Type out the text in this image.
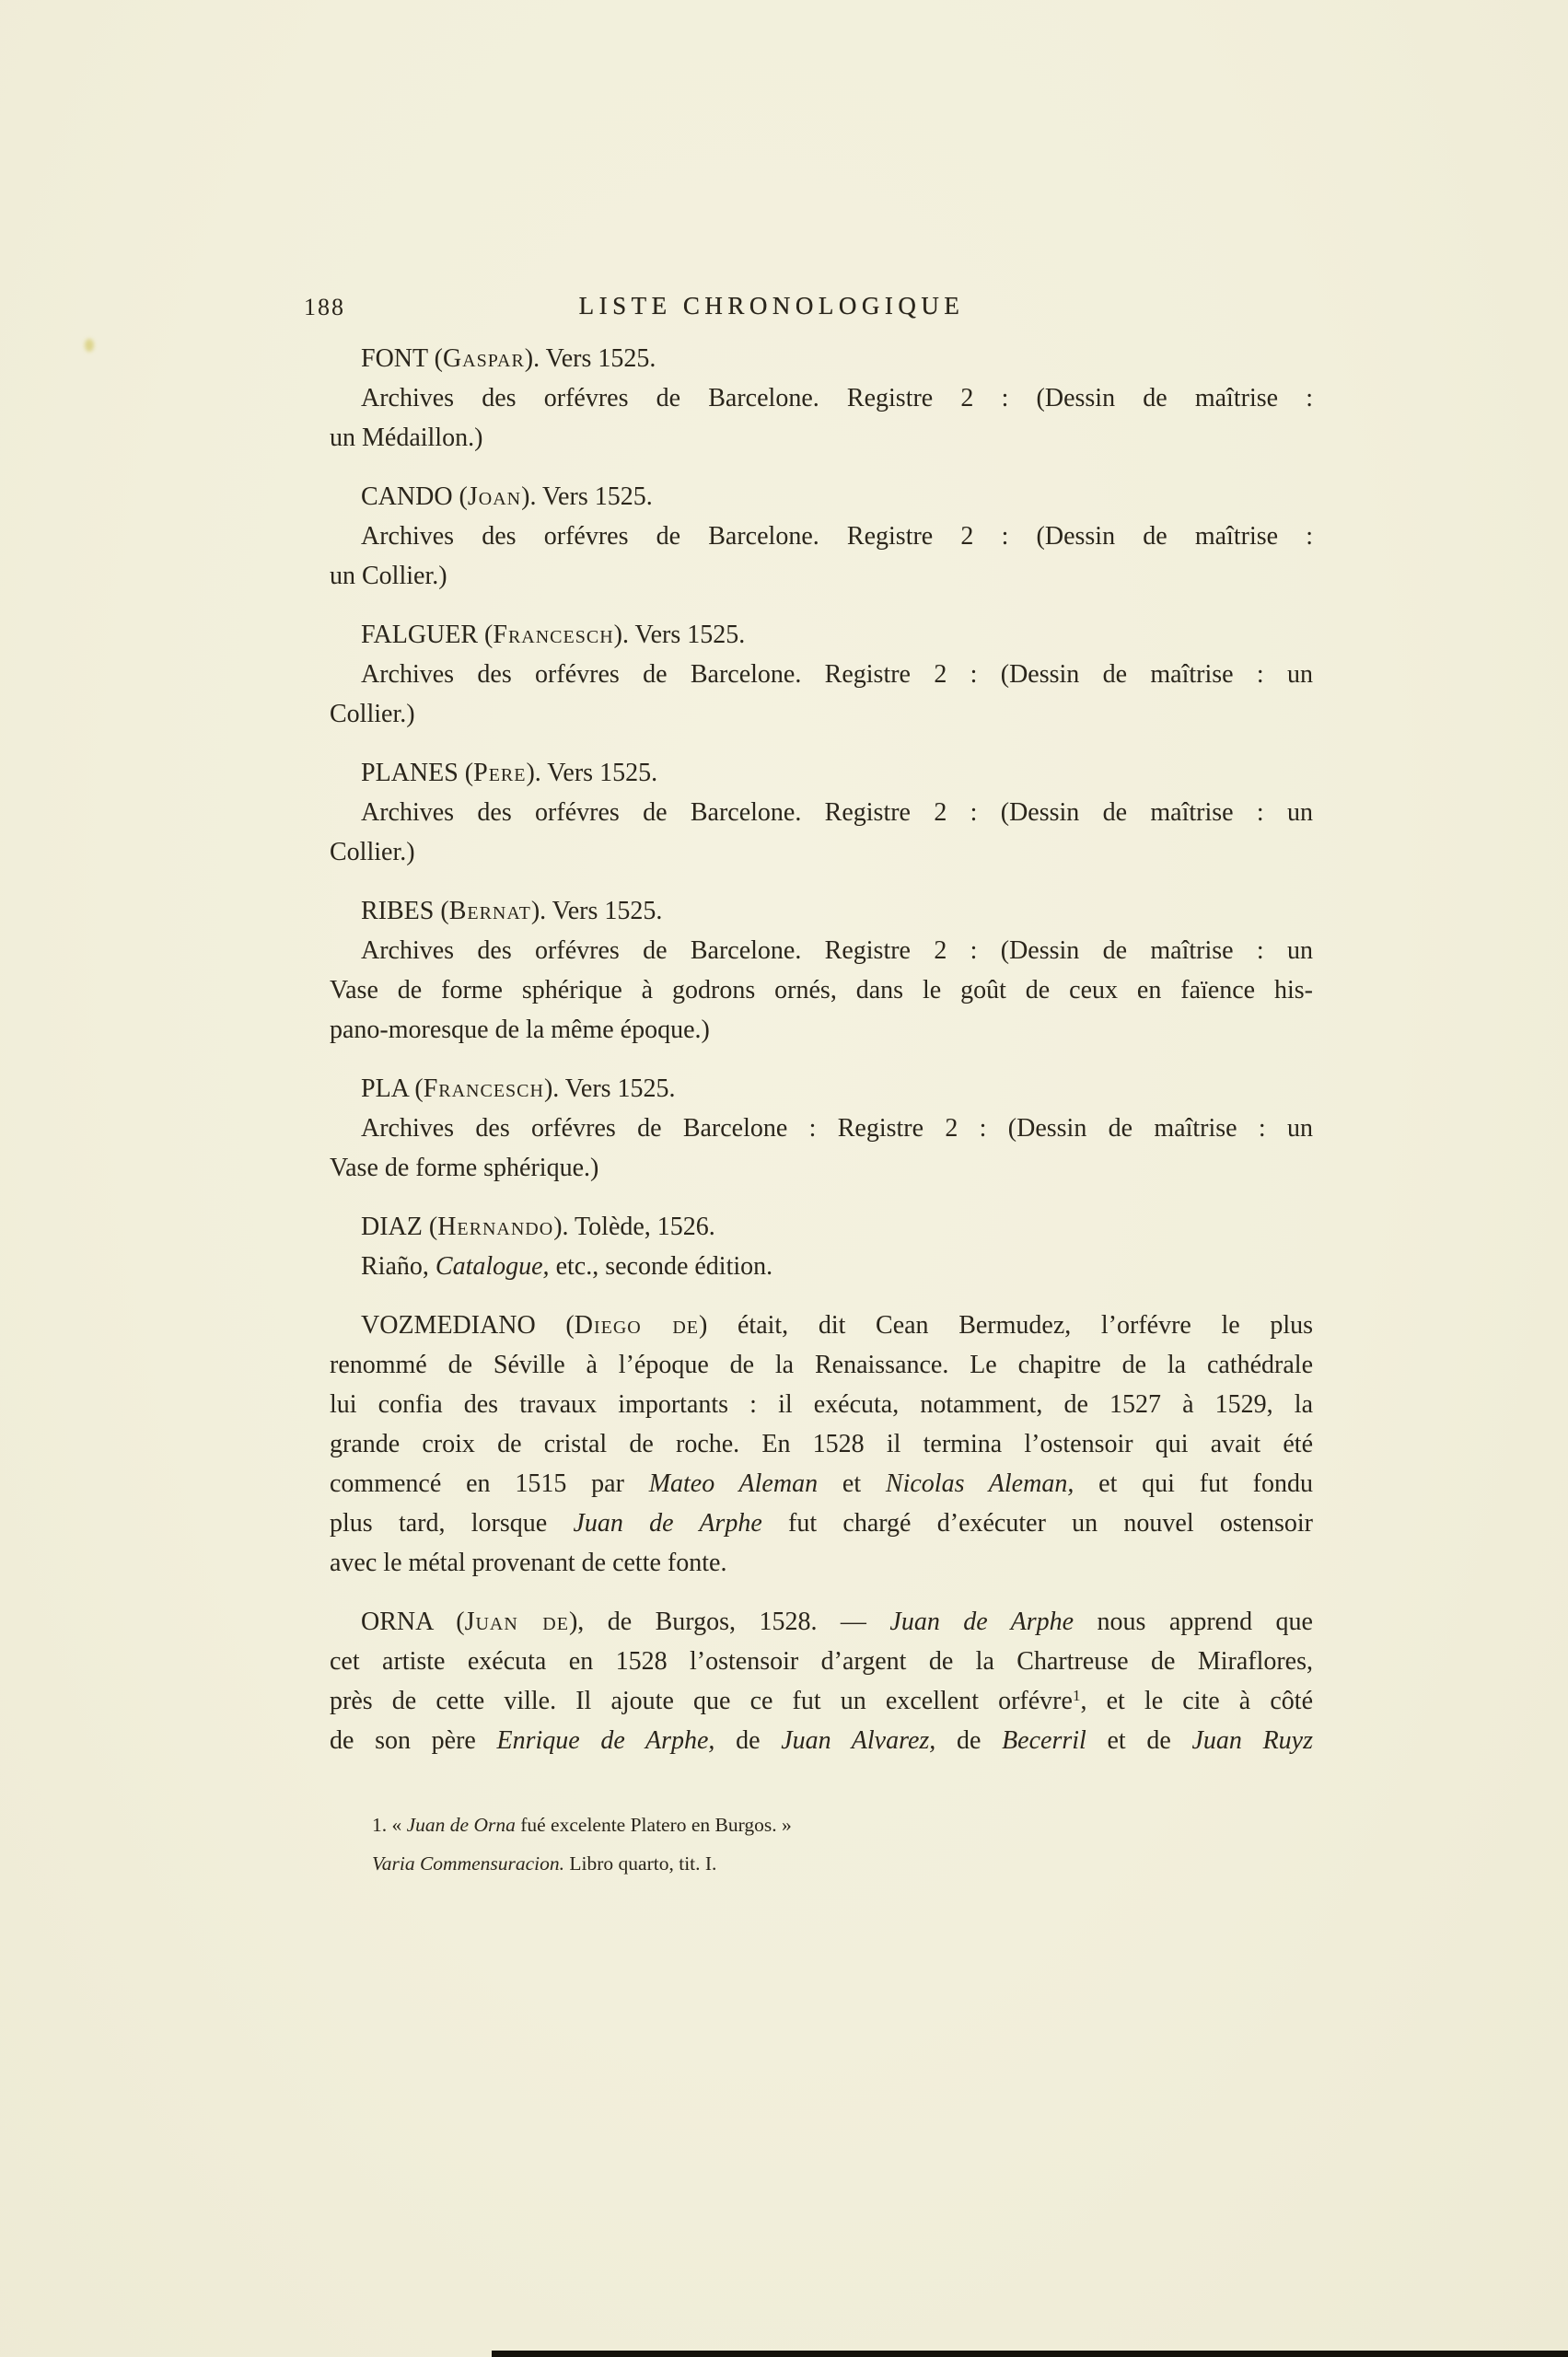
188	LISTE CHRONOLOGIQUE
FONT (Gaspar). Vers 1525.
Archives des orfévres de Barcelone. Registre 2 : (Dessin de maîtrise :
un Médaillon.)
CANDO (Joan). Vers 1525.
Archives des orfévres de Barcelone. Registre 2 : (Dessin de maîtrise :
un Collier.)
FALGUER (Francesch). Vers 1525.
Archives des orfévres de Barcelone. Registre 2 : (Dessin de maîtrise : un
Collier.)
PLANES (Pere). Vers 1525.
Archives des orfévres de Barcelone. Registre 2 : (Dessin de maîtrise : un
Collier.)
RIBES (Bernat). Vers 1525.
Archives des orfévres de Barcelone. Registre 2 : (Dessin de maîtrise : un
Vase de forme sphérique à godrons ornés, dans le goût de ceux en faïence his-
pano-moresque de la même époque.)
PLA (Francesch). Vers 1525.
Archives des orfévres de Barcelone : Registre 2 : (Dessin de maîtrise : un
Vase de forme sphérique.)
DIAZ (Hernando). Tolède, 1526.
Riaño, Catalogue, etc., seconde édition.
VOZMEDIANO (Diego de) était, dit Cean Bermudez, l’orfévre le plus
renommé de Séville à l’époque de la Renaissance. Le chapitre de la cathédrale
lui confia des travaux importants : il exécuta, notamment, de 1527 à 1529, la
grande croix de cristal de roche. En 1528 il termina l’ostensoir qui avait été
commencé en 1515 par Mateo Aleman et Nicolas Aleman, et qui fut fondu
plus tard, lorsque Juan de Arphe fut chargé d’exécuter un nouvel ostensoir
avec le métal provenant de cette fonte.
ORNA (Juan de), de Burgos, 1528. — Juan de Arphe nous apprend que
cet artiste exécuta en 1528 l’ostensoir d’argent de la Chartreuse de Miraflores,
près de cette ville. Il ajoute que ce fut un excellent orfévre$^1$, et le cite à côté
de son père Enrique de Arphe, de Juan Alvarez, de Becerril et de Juan Ruyz
1. « Juan de Orna fué excelente Platero en Burgos. »
Varia Commensuracion. Libro quarto, tit. I.
